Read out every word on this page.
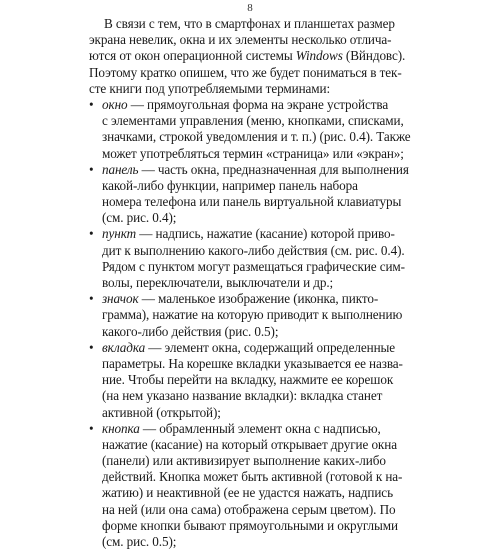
8
В связи с тем, что в смартфонах и планшетах размер
экрана невелик, окна и их элементы несколько отлича-
ются от окон операционной системы Windows (Вйндовс).
Поэтому кратко опишем, что же будет пониматься в тек-
сте книги под употребляемыми терминами:
• окно — прямоугольная форма на экране устройства
с элементами управления (меню, кнопками, списками,
значками, строкой уведомления и т. п.) (рис. 0.4). Также
может употребляться термин «страница» или «экран»;
• панель — часть окна, предназначенная для выполнения
какой-либо функции, например панель набора
номера телефона или панель виртуальной клавиатуры
(см. рис. 0.4);
• пункт — надпись, нажатие (касание) которой приво-
дит к выполнению какого-либо действия (см. рис. 0.4).
Рядом с пунктом могут размещаться графические сим-
волы, переключатели, выключатели и др.;
• значок — маленькое изображение (иконка, пикто-
грамма), нажатие на которую приводит к выполнению
какого-либо действия (рис. 0.5);
• вкладка — элемент окна, содержащий определенные
параметры. На корешке вкладки указывается ее назва-
ние. Чтобы перейти на вкладку, нажмите ее корешок
(на нем указано название вкладки): вкладка станет
активной (открытой);
• кнопка — обрамленный элемент окна с надписью,
нажатие (касание) на который открывает другие окна
(панели) или активизирует выполнение каких-либо
действий. Кнопка может быть активной (готовой к на-
жатию) и неактивной (ее не удастся нажать, надпись
на ней (или она сама) отображена серым цветом). По
форме кнопки бывают прямоугольными и округлыми
(см. рис. 0.5);
